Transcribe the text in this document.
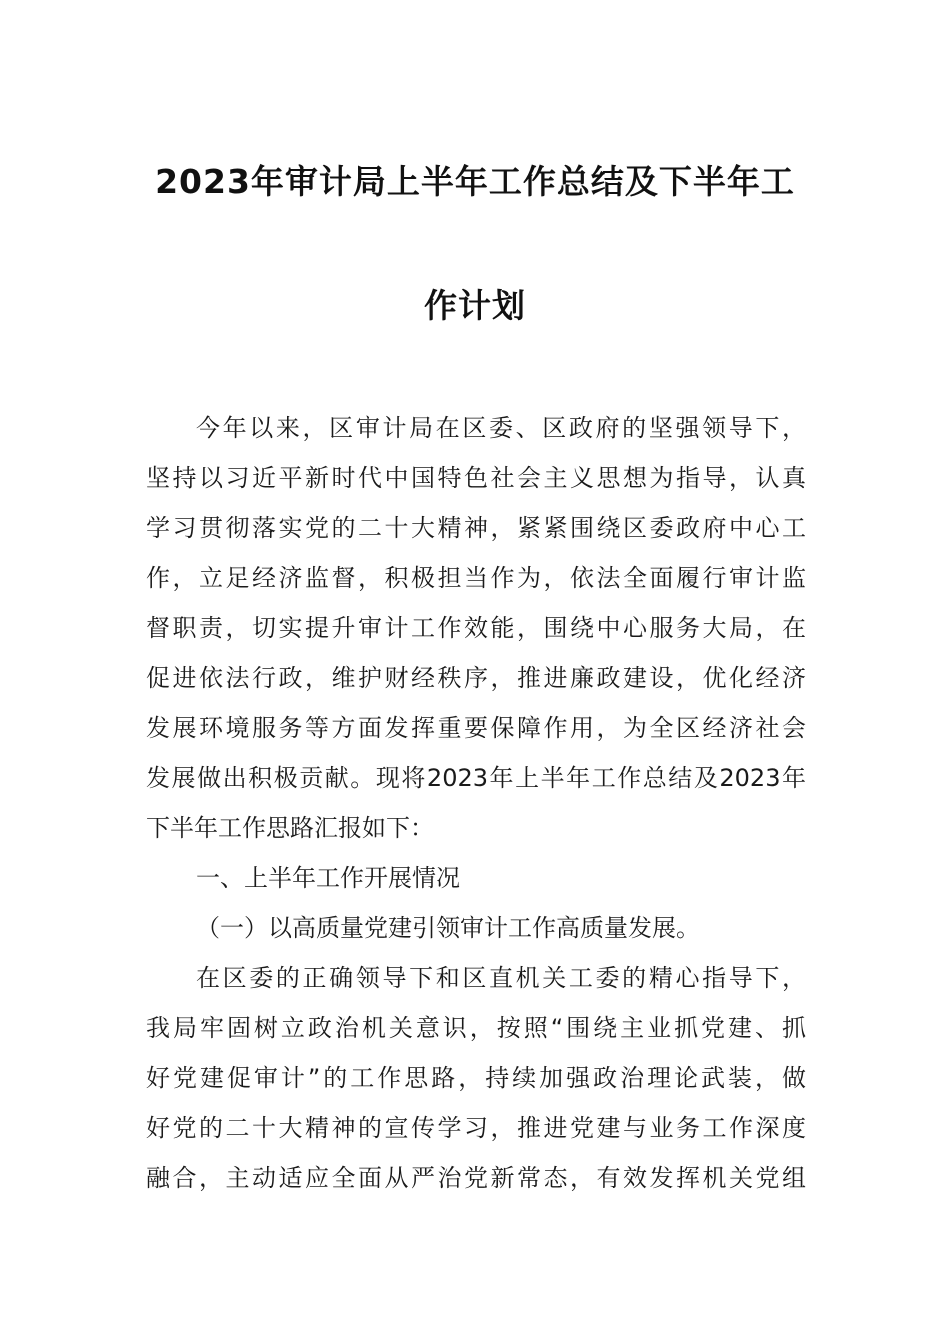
2023年审计局上半年工作总结及下半年工
作计划
今年以来，区审计局在区委、区政府的坚强领导下，
坚持以习近平新时代中国特色社会主义思想为指导，认真
学习贯彻落实党的二十大精神，紧紧围绕区委政府中心工
作，立足经济监督，积极担当作为，依法全面履行审计监
督职责，切实提升审计工作效能，围绕中心服务大局，在
促进依法行政，维护财经秩序，推进廉政建设，优化经济
发展环境服务等方面发挥重要保障作用，为全区经济社会
发展做出积极贡献。现将2023年上半年工作总结及2023年
下半年工作思路汇报如下：
一、上半年工作开展情况
（一）以高质量党建引领审计工作高质量发展。
在区委的正确领导下和区直机关工委的精心指导下，
我局牢固树立政治机关意识，按照“围绕主业抓党建、抓
好党建促审计”的工作思路，持续加强政治理论武装，做
好党的二十大精神的宣传学习，推进党建与业务工作深度
融合，主动适应全面从严治党新常态，有效发挥机关党组
